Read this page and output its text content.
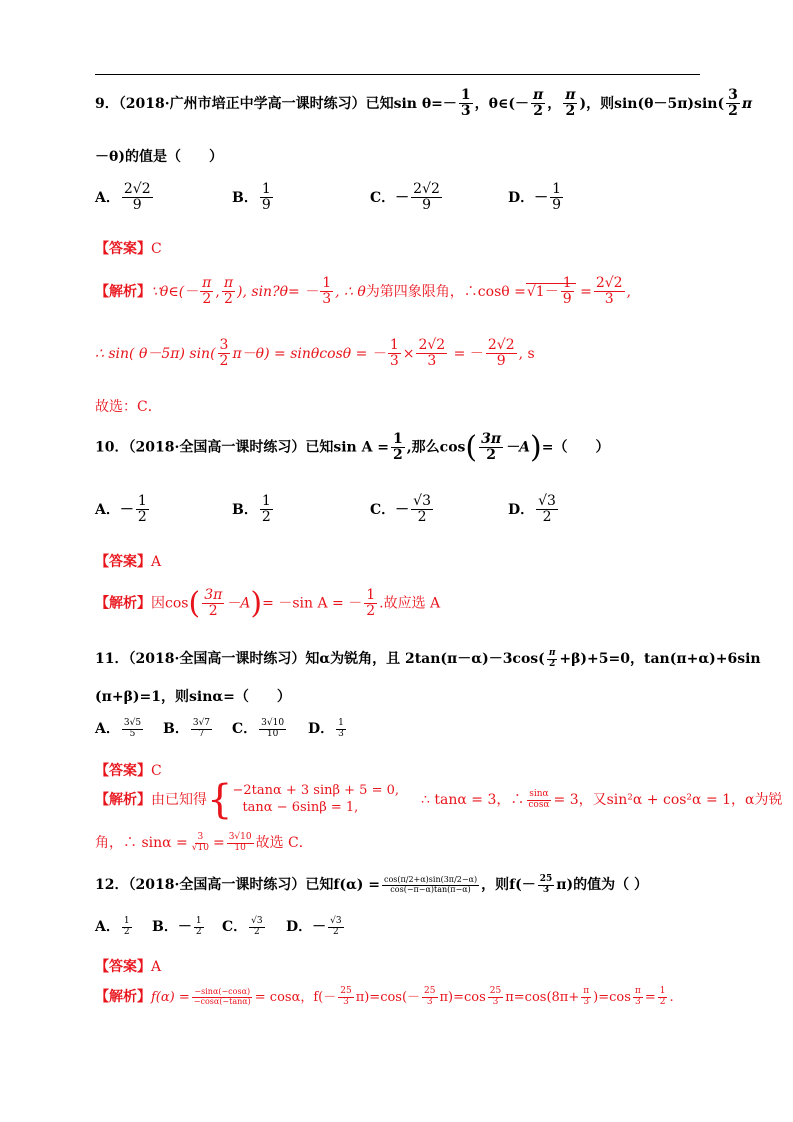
9．（2018·广州市培正中学高一课时练习）已知$\sin \theta=- \frac{1}{3}$ ，θ∈(－ $\frac{\pi}{2}$ ， $\frac{\pi}{2}$ )，则$\sin(\theta-5\pi)\sin( \frac{3}{2}$ π
－θ)的值是（　　）
A． $\frac{2√2}{9}$	B． $\frac{1}{9}$	C．－ $\frac{2√2}{9}$	D．－ $\frac{1}{9}$
【答案】C
【解析】∵θ∈(－ $\frac{\pi}{2}$ , $\frac{\pi}{2}$ ), sin?θ= － $\frac{1}{3}$ , ∴ θ为第四象限角，∴cosθ $=√1- \frac{1}{9} = \frac{2√2}{3}$ ,
∴ sin( θ－5π) $\sin( \frac{3}{2} \pi-\theta) = \sin\theta\cos\theta$ = － $\frac{1}{3} \times \frac{2√2}{3}$ = － $\frac{2√2}{9}$ , s
故选：C．
10．（2018·全国高一课时练习）已知$\sin A = \frac{1}{2}$ ,那么$\cos( \frac{3\pi}{2} -A)=$（　　）
A．－ $\frac{1}{2}$	B． $\frac{1}{2}$	C．－ $\frac{√3}{2}$	D． $\frac{√3}{2}$
【答案】A
【解析】因$\cos( \frac{3\pi}{2} -A)= -\sin$ A = － $\frac{1}{2}$ .故应选 A
11．（2018·全国高一课时练习）知α为锐角，且 $2\tan(\pi-\alpha)-3\cos( \frac{\pi}{2} +\beta)+5=0$，tan(π+α)+6sin
(π+β)=1，则sinα=（　　）
A． $\frac{3√5}{5}$ B． $\frac{3√7}{7}$ C． $\frac{3√10}{10}$ D． $\frac{1}{3}$
【答案】C
【解析】由已知得{ −2tanα + 3 sinβ + 5 = 0,
tanα − 6sinβ = 1,	∴ tanα = 3，∴ $\frac{\sin\alpha}{\cos\alpha} = 3$，又sin²α + cos²α = 1，α为锐
角，∴ $\sin\alpha = \frac{3}{√10} = \frac{3√10}{10}$ 故选 C．
12．（2018·全国高一课时练习）已知$f(\alpha) = \frac{\cos(\pi/2+\alpha)\sin(3\pi/2-\alpha)}{\cos(-\pi-\alpha)\tan(\pi-\alpha)}$ ，则$f(- \frac{25}{3} \pi)$的值为（ ）
A． $\frac{1}{2}$ B．－ $\frac{1}{2}$ C． $\frac{√3}{2}$ D．－ $\frac{√3}{2}$
【答案】A
【解析】$f(\alpha) = \frac{-\sin\alpha(-\cos\alpha)}{-\cos\alpha(-\tan\alpha)} = \cos\alpha$，$f(- \frac{25}{3} \pi)=\cos(- \frac{25}{3} \pi)=\cos \frac{25}{3} \pi=\cos(8\pi+ \frac{\pi}{3} )=\cos \frac{\pi}{3} = \frac{1}{2}$ .
